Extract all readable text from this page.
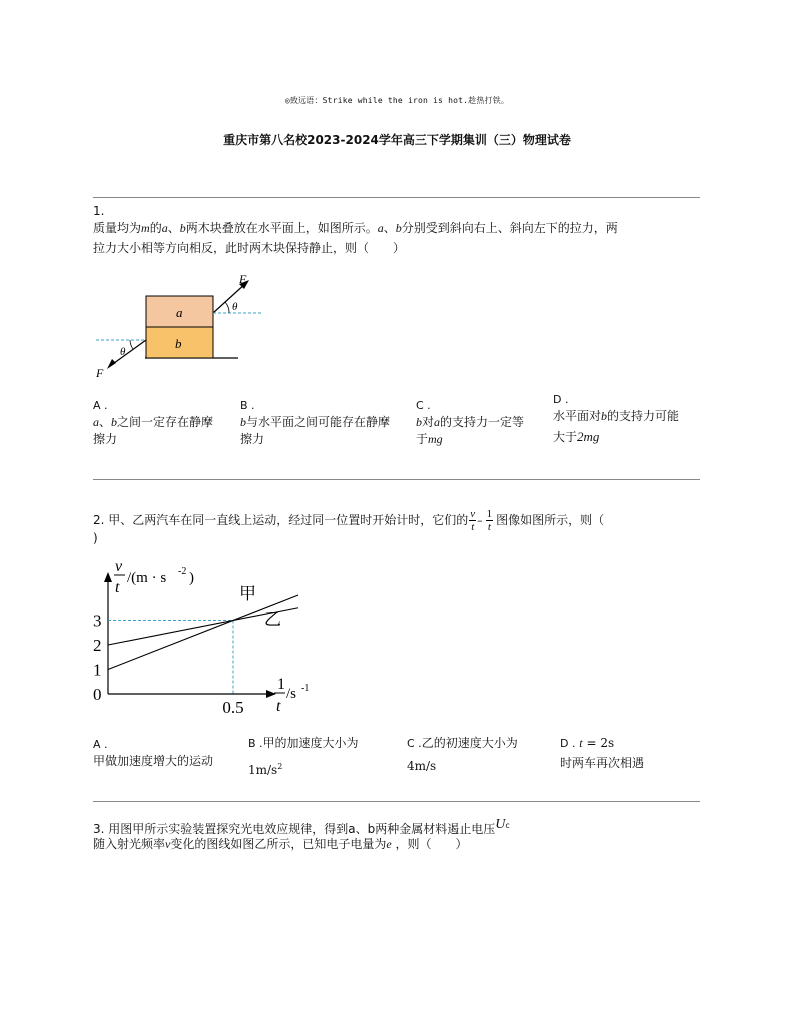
◎致远语：Strike while the iron is hot.趁热打铁。
重庆市第八名校2023-2024学年高三下学期集训（三）物理试卷
1.
质量均为m的a、b两木块叠放在水平面上，如图所示。a、b分别受到斜向右上、斜向左下的拉力，两
拉力大小相等方向相反，此时两木块保持静止，则（　　）
a
b
F
θ
F
θ
A .
a、b之间一定存在静摩
擦力
B .
b与水平面之间可能存在静摩
擦力
C .
b对a的支持力一定等
于mg
D .
水平面对b的支持力可能
大于2mg
2. 甲、乙两汽车在同一直线上运动，经过同一位置时开始计时，它们的 $\frac{v}{t} - \frac{1}{t}$ 图像如图所示，则（
)
v
t
/(m · s -2 )
1
t
/s -1
0
1
2
3
0.5
甲
乙
A .
甲做加速度增大的运动
B .甲的加速度大小为
$1m/s^2$
C .乙的初速度大小为
4m/s
D . t = 2s
时两车再次相遇
3. 用图甲所示实验装置探究光电效应规律，得到a、b两种金属材料遏止电压$U^c$
随入射光频率v变化的图线如图乙所示，已知电子电量为e ，则（　　）
